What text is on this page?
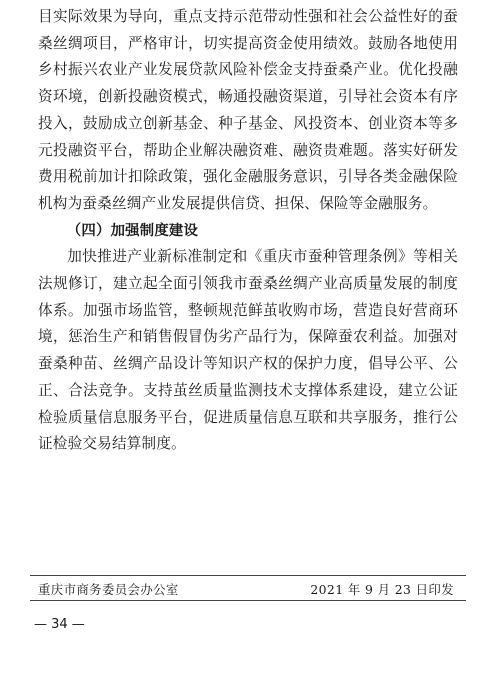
目实际效果为导向，重点支持示范带动性强和社会公益性好的蚕桑丝绸项目，严格审计，切实提高资金使用绩效。鼓励各地使用乡村振兴农业产业发展贷款风险补偿金支持蚕桑产业。优化投融资环境，创新投融资模式，畅通投融资渠道，引导社会资本有序投入，鼓励成立创新基金、种子基金、风投资本、创业资本等多元投融资平台，帮助企业解决融资难、融资贵难题。落实好研发费用税前加计扣除政策，强化金融服务意识，引导各类金融保险机构为蚕桑丝绸产业发展提供信贷、担保、保险等金融服务。

（四）加强制度建设

加快推进产业新标准制定和《重庆市蚕种管理条例》等相关法规修订，建立起全面引领我市蚕桑丝绸产业高质量发展的制度体系。加强市场监管，整顿规范鲜茧收购市场，营造良好营商环境，惩治生产和销售假冒伪劣产品行为，保障蚕农利益。加强对蚕桑种苗、丝绸产品设计等知识产权的保护力度，倡导公平、公正、合法竞争。支持茧丝质量监测技术支撑体系建设，建立公证检验质量信息服务平台，促进质量信息互联和共享服务，推行公证检验交易结算制度。

重庆市商务委员会办公室	2021 年 9 月 23 日印发
— 34 —
